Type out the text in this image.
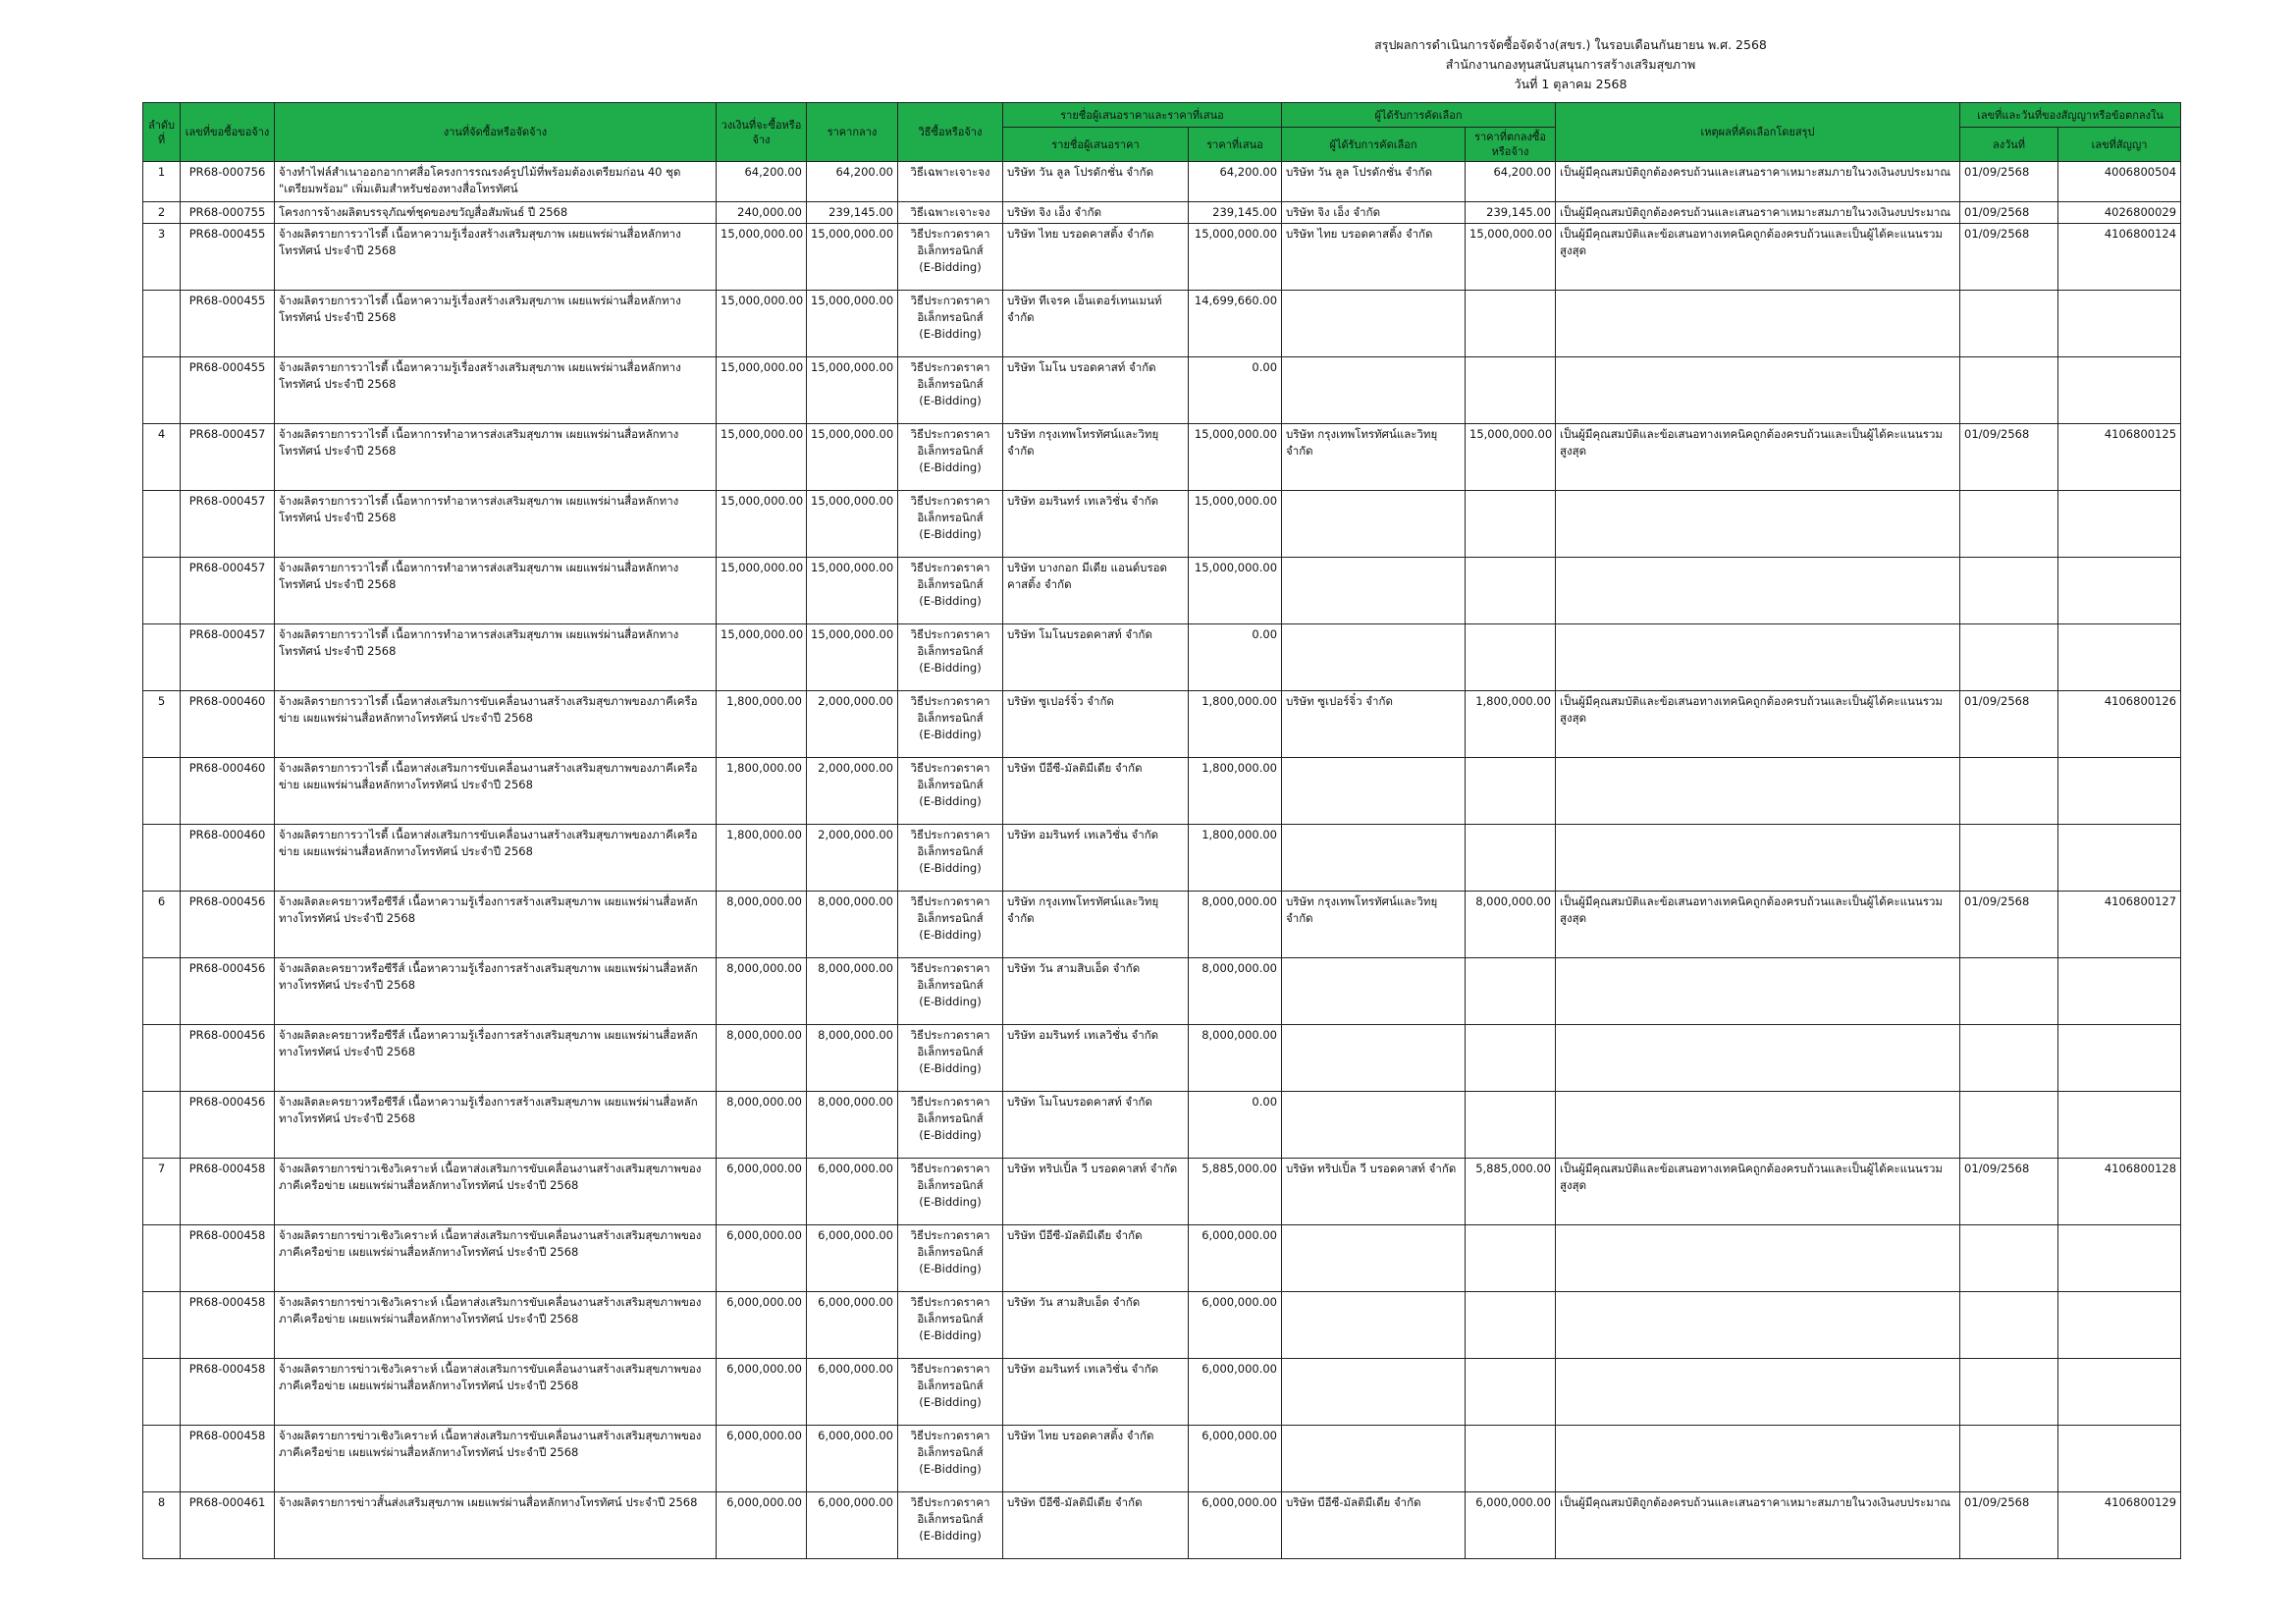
สรุปผลการดำเนินการจัดซื้อจัดจ้าง(สขร.) ในรอบเดือนกันยายน พ.ศ. 2568
สำนักงานกองทุนสนับสนุนการสร้างเสริมสุขภาพ
วันที่ 1 ตุลาคม 2568
ลำดับที่	เลขที่ขอซื้อขอจ้าง	งานที่จัดซื้อหรือจัดจ้าง	วงเงินที่จะซื้อหรือจ้าง	ราคากลาง	วิธีซื้อหรือจ้าง	รายชื่อผู้เสนอราคาและราคาที่เสนอ		ผู้ได้รับการคัดเลือก		เหตุผลที่คัดเลือกโดยสรุป	เลขที่และวันที่ของสัญญาหรือข้อตกลงใน	
						รายชื่อผู้เสนอราคา	ราคาที่เสนอ	ผู้ได้รับการคัดเลือก	ราคาที่ตกลงซื้อหรือจ้าง		ลงวันที่	เลขที่สัญญา
1	PR68-000756	จ้างทำไฟล์สำเนาออกอากาศสื่อโครงการรณรงค์รูปไม้ที่พร้อมต้องเตรียมก่อน 40 ชุด "เตรียมพร้อม" เพิ่มเติมสำหรับช่องทางสื่อโทรทัศน์	64,200.00	64,200.00	วิธีเฉพาะเจาะจง	บริษัท วัน ลูล โปรดักชั่น จำกัด	64,200.00	บริษัท วัน ลูล โปรดักชั่น จำกัด	64,200.00	เป็นผู้มีคุณสมบัติถูกต้องครบถ้วนและเสนอราคาเหมาะสมภายในวงเงินงบประมาณ	01/09/2568	4006800504
2	PR68-000755	โครงการจ้างผลิตบรรจุภัณฑ์ชุดของขวัญสื่อสัมพันธ์ ปี 2568	240,000.00	239,145.00	วิธีเฉพาะเจาะจง	บริษัท จิง เอ็ง จำกัด	239,145.00	บริษัท จิง เอ็ง จำกัด	239,145.00	เป็นผู้มีคุณสมบัติถูกต้องครบถ้วนและเสนอราคาเหมาะสมภายในวงเงินงบประมาณ	01/09/2568	4026800029
3	PR68-000455	จ้างผลิตรายการวาไรตี้ เนื้อหาความรู้เรื่องสร้างเสริมสุขภาพ เผยแพร่ผ่านสื่อหลักทางโทรทัศน์ ประจำปี 2568	15,000,000.00	15,000,000.00	วิธีประกวดราคา
อิเล็กทรอนิกส์
(E-Bidding)	บริษัท ไทย บรอดคาสติ้ง จำกัด	15,000,000.00	บริษัท ไทย บรอดคาสติ้ง จำกัด	15,000,000.00	เป็นผู้มีคุณสมบัติและข้อเสนอทางเทคนิคถูกต้องครบถ้วนและเป็นผู้ได้คะแนนรวมสูงสุด	01/09/2568	4106800124
	PR68-000455	จ้างผลิตรายการวาไรตี้ เนื้อหาความรู้เรื่องสร้างเสริมสุขภาพ เผยแพร่ผ่านสื่อหลักทางโทรทัศน์ ประจำปี 2568	15,000,000.00	15,000,000.00	วิธีประกวดราคา
อิเล็กทรอนิกส์
(E-Bidding)	บริษัท ทีเจรค เอ็นเตอร์เทนเมนท์ จำกัด	14,699,660.00					
	PR68-000455	จ้างผลิตรายการวาไรตี้ เนื้อหาความรู้เรื่องสร้างเสริมสุขภาพ เผยแพร่ผ่านสื่อหลักทางโทรทัศน์ ประจำปี 2568	15,000,000.00	15,000,000.00	วิธีประกวดราคา
อิเล็กทรอนิกส์
(E-Bidding)	บริษัท โมโน บรอดคาสท์ จำกัด	0.00					
4	PR68-000457	จ้างผลิตรายการวาไรตี้ เนื้อหาการทำอาหารส่งเสริมสุขภาพ เผยแพร่ผ่านสื่อหลักทางโทรทัศน์ ประจำปี 2568	15,000,000.00	15,000,000.00	วิธีประกวดราคา
อิเล็กทรอนิกส์
(E-Bidding)	บริษัท กรุงเทพโทรทัศน์และวิทยุ จำกัด	15,000,000.00	บริษัท กรุงเทพโทรทัศน์และวิทยุ จำกัด	15,000,000.00	เป็นผู้มีคุณสมบัติและข้อเสนอทางเทคนิคถูกต้องครบถ้วนและเป็นผู้ได้คะแนนรวมสูงสุด	01/09/2568	4106800125
	PR68-000457	จ้างผลิตรายการวาไรตี้ เนื้อหาการทำอาหารส่งเสริมสุขภาพ เผยแพร่ผ่านสื่อหลักทางโทรทัศน์ ประจำปี 2568	15,000,000.00	15,000,000.00	วิธีประกวดราคา
อิเล็กทรอนิกส์
(E-Bidding)	บริษัท อมรินทร์ เทเลวิชั่น จำกัด	15,000,000.00					
	PR68-000457	จ้างผลิตรายการวาไรตี้ เนื้อหาการทำอาหารส่งเสริมสุขภาพ เผยแพร่ผ่านสื่อหลักทางโทรทัศน์ ประจำปี 2568	15,000,000.00	15,000,000.00	วิธีประกวดราคา
อิเล็กทรอนิกส์
(E-Bidding)	บริษัท บางกอก มีเดีย แอนด์บรอดคาสติ้ง จำกัด	15,000,000.00					
	PR68-000457	จ้างผลิตรายการวาไรตี้ เนื้อหาการทำอาหารส่งเสริมสุขภาพ เผยแพร่ผ่านสื่อหลักทางโทรทัศน์ ประจำปี 2568	15,000,000.00	15,000,000.00	วิธีประกวดราคา
อิเล็กทรอนิกส์
(E-Bidding)	บริษัท โมโนบรอดคาสท์ จำกัด	0.00					
5	PR68-000460	จ้างผลิตรายการวาไรตี้ เนื้อหาส่งเสริมการขับเคลื่อนงานสร้างเสริมสุขภาพของภาคีเครือข่าย เผยแพร่ผ่านสื่อหลักทางโทรทัศน์ ประจำปี 2568	1,800,000.00	2,000,000.00	วิธีประกวดราคา
อิเล็กทรอนิกส์
(E-Bidding)	บริษัท ซูเปอร์จิ๋ว จำกัด	1,800,000.00	บริษัท ซูเปอร์จิ๋ว จำกัด	1,800,000.00	เป็นผู้มีคุณสมบัติและข้อเสนอทางเทคนิคถูกต้องครบถ้วนและเป็นผู้ได้คะแนนรวมสูงสุด	01/09/2568	4106800126
	PR68-000460	จ้างผลิตรายการวาไรตี้ เนื้อหาส่งเสริมการขับเคลื่อนงานสร้างเสริมสุขภาพของภาคีเครือข่าย เผยแพร่ผ่านสื่อหลักทางโทรทัศน์ ประจำปี 2568	1,800,000.00	2,000,000.00	วิธีประกวดราคา
อิเล็กทรอนิกส์
(E-Bidding)	บริษัท บีอีซี-มัลติมีเดีย จำกัด	1,800,000.00					
	PR68-000460	จ้างผลิตรายการวาไรตี้ เนื้อหาส่งเสริมการขับเคลื่อนงานสร้างเสริมสุขภาพของภาคีเครือข่าย เผยแพร่ผ่านสื่อหลักทางโทรทัศน์ ประจำปี 2568	1,800,000.00	2,000,000.00	วิธีประกวดราคา
อิเล็กทรอนิกส์
(E-Bidding)	บริษัท อมรินทร์ เทเลวิชั่น จำกัด	1,800,000.00					
6	PR68-000456	จ้างผลิตละครยาวหรือซีรีส์ เนื้อหาความรู้เรื่องการสร้างเสริมสุขภาพ เผยแพร่ผ่านสื่อหลักทางโทรทัศน์ ประจำปี 2568	8,000,000.00	8,000,000.00	วิธีประกวดราคา
อิเล็กทรอนิกส์
(E-Bidding)	บริษัท กรุงเทพโทรทัศน์และวิทยุ จำกัด	8,000,000.00	บริษัท กรุงเทพโทรทัศน์และวิทยุ จำกัด	8,000,000.00	เป็นผู้มีคุณสมบัติและข้อเสนอทางเทคนิคถูกต้องครบถ้วนและเป็นผู้ได้คะแนนรวมสูงสุด	01/09/2568	4106800127
	PR68-000456	จ้างผลิตละครยาวหรือซีรีส์ เนื้อหาความรู้เรื่องการสร้างเสริมสุขภาพ เผยแพร่ผ่านสื่อหลักทางโทรทัศน์ ประจำปี 2568	8,000,000.00	8,000,000.00	วิธีประกวดราคา
อิเล็กทรอนิกส์
(E-Bidding)	บริษัท วัน สามสิบเอ็ด จำกัด	8,000,000.00					
	PR68-000456	จ้างผลิตละครยาวหรือซีรีส์ เนื้อหาความรู้เรื่องการสร้างเสริมสุขภาพ เผยแพร่ผ่านสื่อหลักทางโทรทัศน์ ประจำปี 2568	8,000,000.00	8,000,000.00	วิธีประกวดราคา
อิเล็กทรอนิกส์
(E-Bidding)	บริษัท อมรินทร์ เทเลวิชั่น จำกัด	8,000,000.00					
	PR68-000456	จ้างผลิตละครยาวหรือซีรีส์ เนื้อหาความรู้เรื่องการสร้างเสริมสุขภาพ เผยแพร่ผ่านสื่อหลักทางโทรทัศน์ ประจำปี 2568	8,000,000.00	8,000,000.00	วิธีประกวดราคา
อิเล็กทรอนิกส์
(E-Bidding)	บริษัท โมโนบรอดคาสท์ จำกัด	0.00					
7	PR68-000458	จ้างผลิตรายการข่าวเชิงวิเคราะห์ เนื้อหาส่งเสริมการขับเคลื่อนงานสร้างเสริมสุขภาพของภาคีเครือข่าย เผยแพร่ผ่านสื่อหลักทางโทรทัศน์ ประจำปี 2568	6,000,000.00	6,000,000.00	วิธีประกวดราคา
อิเล็กทรอนิกส์
(E-Bidding)	บริษัท ทริปเปิ้ล วี บรอดคาสท์ จำกัด	5,885,000.00	บริษัท ทริปเปิ้ล วี บรอดคาสท์ จำกัด	5,885,000.00	เป็นผู้มีคุณสมบัติและข้อเสนอทางเทคนิคถูกต้องครบถ้วนและเป็นผู้ได้คะแนนรวมสูงสุด	01/09/2568	4106800128
	PR68-000458	จ้างผลิตรายการข่าวเชิงวิเคราะห์ เนื้อหาส่งเสริมการขับเคลื่อนงานสร้างเสริมสุขภาพของภาคีเครือข่าย เผยแพร่ผ่านสื่อหลักทางโทรทัศน์ ประจำปี 2568	6,000,000.00	6,000,000.00	วิธีประกวดราคา
อิเล็กทรอนิกส์
(E-Bidding)	บริษัท บีอีซี-มัลติมีเดีย จำกัด	6,000,000.00					
	PR68-000458	จ้างผลิตรายการข่าวเชิงวิเคราะห์ เนื้อหาส่งเสริมการขับเคลื่อนงานสร้างเสริมสุขภาพของภาคีเครือข่าย เผยแพร่ผ่านสื่อหลักทางโทรทัศน์ ประจำปี 2568	6,000,000.00	6,000,000.00	วิธีประกวดราคา
อิเล็กทรอนิกส์
(E-Bidding)	บริษัท วัน สามสิบเอ็ด จำกัด	6,000,000.00					
	PR68-000458	จ้างผลิตรายการข่าวเชิงวิเคราะห์ เนื้อหาส่งเสริมการขับเคลื่อนงานสร้างเสริมสุขภาพของภาคีเครือข่าย เผยแพร่ผ่านสื่อหลักทางโทรทัศน์ ประจำปี 2568	6,000,000.00	6,000,000.00	วิธีประกวดราคา
อิเล็กทรอนิกส์
(E-Bidding)	บริษัท อมรินทร์ เทเลวิชั่น จำกัด	6,000,000.00					
	PR68-000458	จ้างผลิตรายการข่าวเชิงวิเคราะห์ เนื้อหาส่งเสริมการขับเคลื่อนงานสร้างเสริมสุขภาพของภาคีเครือข่าย เผยแพร่ผ่านสื่อหลักทางโทรทัศน์ ประจำปี 2568	6,000,000.00	6,000,000.00	วิธีประกวดราคา
อิเล็กทรอนิกส์
(E-Bidding)	บริษัท ไทย บรอดคาสติ้ง จำกัด	6,000,000.00					
8	PR68-000461	จ้างผลิตรายการข่าวสั้นส่งเสริมสุขภาพ เผยแพร่ผ่านสื่อหลักทางโทรทัศน์ ประจำปี 2568	6,000,000.00	6,000,000.00	วิธีประกวดราคา
อิเล็กทรอนิกส์
(E-Bidding)	บริษัท บีอีซี-มัลติมีเดีย จำกัด	6,000,000.00	บริษัท บีอีซี-มัลติมีเดีย จำกัด	6,000,000.00	เป็นผู้มีคุณสมบัติถูกต้องครบถ้วนและเสนอราคาเหมาะสมภายในวงเงินงบประมาณ	01/09/2568	4106800129
